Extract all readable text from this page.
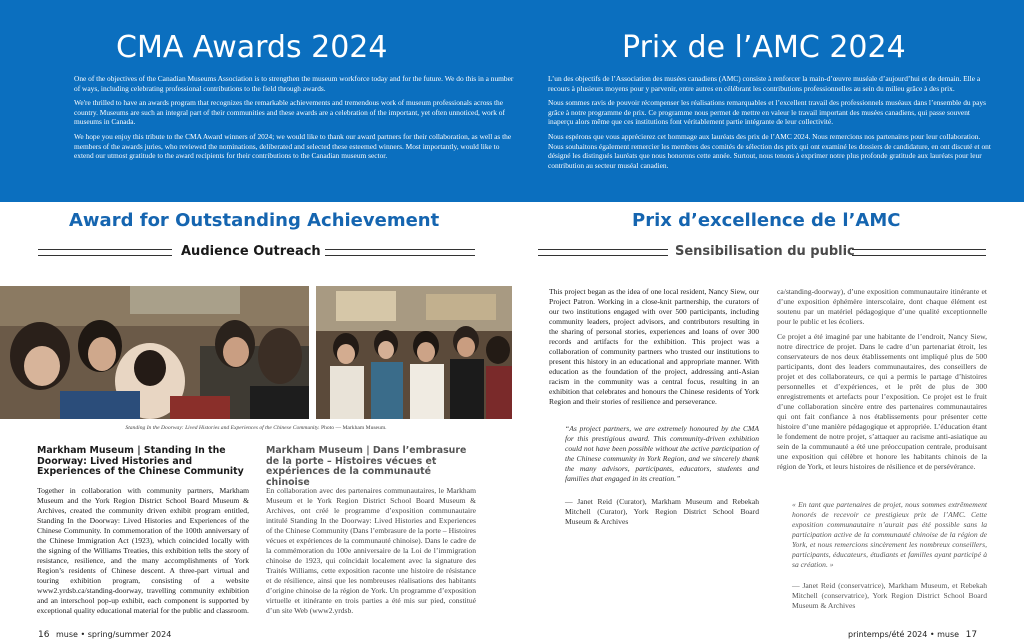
CMA Awards 2024

One of the objectives of the Canadian Museums Association is to strengthen the museum workforce today and for the future. We do this in a number of ways, including celebrating professional contributions to the field through awards.

We're thrilled to have an awards program that recognizes the remarkable achievements and tremendous work of museum professionals across the country. Museums are such an integral part of their communities and these awards are a celebration of the important, yet often unnoticed, work of museums in Canada.

We hope you enjoy this tribute to the CMA Award winners of 2024; we would like to thank our award partners for their collaboration, as well as the members of the awards juries, who reviewed the nominations, deliberated and selected these esteemed winners. Most importantly, would like to extend our utmost gratitude to the award recipients for their contributions to the Canadian museum sector.

Prix de l’AMC 2024

L’un des objectifs de l’Association des musées canadiens (AMC) consiste à renforcer la main-d’œuvre muséale d’aujourd’hui et de demain. Elle a recours à plusieurs moyens pour y parvenir, entre autres en célébrant les contributions professionnelles au sein du milieu grâce à des prix.

Nous sommes ravis de pouvoir récompenser les réalisations remarquables et l’excellent travail des professionnels muséaux dans l’ensemble du pays grâce à notre programme de prix. Ce programme nous permet de mettre en valeur le travail important des musées canadiens, qui passe souvent inaperçu alors même que ces institutions font véritablement partie intégrante de leur collectivité.

Nous espérons que vous apprécierez cet hommage aux lauréats des prix de l’AMC 2024. Nous remercions nos partenaires pour leur collaboration. Nous souhaitons également remercier les membres des comités de sélection des prix qui ont examiné les dossiers de candidature, en ont discuté et ont désigné les distingués lauréats que nous honorons cette année. Surtout, nous tenons à exprimer notre plus profonde gratitude aux lauréats pour leur contribution au secteur muséal canadien.

Award for Outstanding Achievement	Prix d’excellence de l’AMC
Audience Outreach	Sensibilisation du public
Standing In the Doorway: Lived Histories and Experiences of the Chinese Community. Photo — Markham Museum.
Markham Museum | Standing In the Doorway: Lived Histories and Experiences of the Chinese Community

Together in collaboration with community partners, Markham Museum and the York Region District School Board Museum & Archives, created the community driven exhibit program entitled, Standing In the Doorway: Lived Histories and Experiences of the Chinese Community. In commemoration of the 100th anniversary of the Chinese Immigration Act (1923), which coincided locally with the signing of the Williams Treaties, this exhibition tells the story of resistance, resilience, and the many accomplishments of York Region’s residents of Chinese descent. A three-part virtual and touring exhibition program, consisting of a website www2.yrdsb.ca/standing-doorway, travelling community exhibition and an interschool pop-up exhibit, each component is supported by exceptional quality educational material for the public and classroom.

This project began as the idea of one local resident, Nancy Siew, our Project Patron. Working in a close-knit partnership, the curators of our two institutions engaged with over 500 participants, including community leaders, project advisors, and contributors resulting in the sharing of personal stories, experiences and loans of over 300 records and artifacts for the exhibition. This project was a collaboration of community partners who trusted our institutions to present this history in an educational and appropriate manner. With education as the foundation of the project, addressing anti-Asian racism in the community was a central focus, resulting in an exhibition that celebrates and honours the Chinese residents of York Region and their stories of resilience and perseverance.

“As project partners, we are extremely honoured by the CMA for this prestigious award. This community-driven exhibition could not have been possible without the active participation of the Chinese community in York Region, and we sincerely thank the many advisors, participants, educators, students and families that engaged in its creation.”
— Janet Reid (Curator), Markham Museum and Rebekah Mitchell (Curator), York Region District School Board Museum & Archives
Markham Museum | Dans l’embrasure de la porte – Histoires vécues et expériences de la communauté chinoise

En collaboration avec des partenaires communautaires, le Markham Museum et le York Region District School Board Museum & Archives, ont créé le programme d’exposition communautaire intitulé Standing In the Doorway: Lived Histories and Experiences of the Chinese Community (Dans l’embrasure de la porte – Histoires vécues et expériences de la communauté chinoise). Dans le cadre de la commémoration du 100e anniversaire de la Loi de l’immigration chinoise de 1923, qui coïncidait localement avec la signature des Traités Williams, cette exposition raconte une histoire de résistance et de résilience, ainsi que les nombreuses réalisations des habitants d’origine chinoise de la région de York. Un programme d’exposition virtuelle et itinérante en trois parties a été mis sur pied, constitué d’un site Web (www2.yrdsb.

ca/standing-doorway), d’une exposition communautaire itinérante et d’une exposition éphémère interscolaire, dont chaque élément est soutenu par un matériel pédagogique d’une qualité exceptionnelle pour le public et les écoliers.

Ce projet a été imaginé par une habitante de l’endroit, Nancy Siew, notre directrice de projet. Dans le cadre d’un partenariat étroit, les conservateurs de nos deux établissements ont impliqué plus de 500 participants, dont des leaders communautaires, des conseillers de projet et des collaborateurs, ce qui a permis le partage d’histoires personnelles et d’expériences, et le prêt de plus de 300 enregistrements et artefacts pour l’exposition. Ce projet est le fruit d’une collaboration sincère entre des partenaires communautaires qui ont fait confiance à nos établissements pour présenter cette histoire d’une manière pédagogique et appropriée. L’éducation étant le fondement de notre projet, s’attaquer au racisme anti-asiatique au sein de la communauté a été une préoccupation centrale, produisant une exposition qui célèbre et honore les habitants chinois de la région de York, et leurs histoires de résilience et de persévérance.

« En tant que partenaires de projet, nous sommes extrêmement honorés de recevoir ce prestigieux prix de l’AMC. Cette exposition communautaire n’aurait pas été possible sans la participation active de la communauté chinoise de la région de York, et nous remercions sincèrement les nombreux conseillers, participants, éducateurs, étudiants et familles ayant participé à sa création. »
— Janet Reid (conservatrice), Markham Museum, et Rebekah Mitchell (conservatrice), York Region District School Board Museum & Archives
16 muse • spring/summer 2024	printemps/été 2024 • muse 17
